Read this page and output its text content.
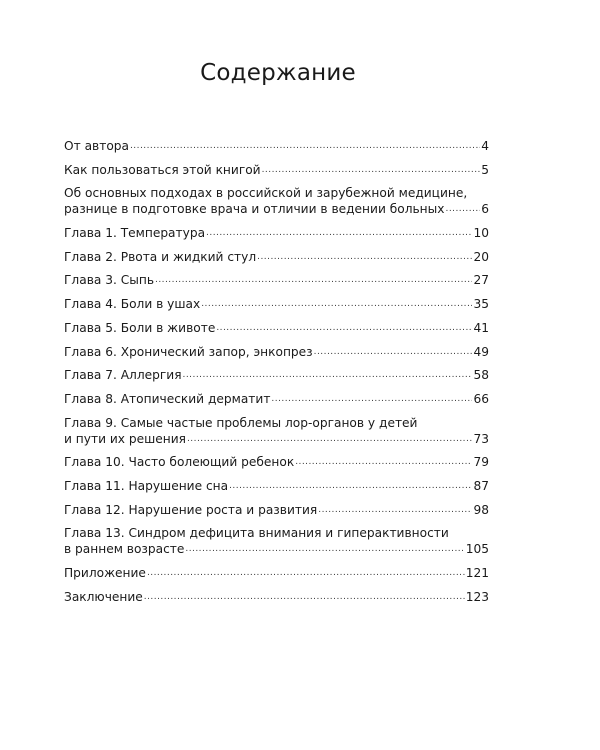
Содержание
От автора . . .	4
Как пользоваться этой книгой . . .	5
Об основных подходах в российской и зарубежной медицине,
разнице в подготовке врача и отличии в ведении больных . . .	6
Глава 1. Температура . . .	10
Глава 2. Рвота и жидкий стул . . .	20
Глава 3. Сыпь . . .	27
Глава 4. Боли в ушах . . .	35
Глава 5. Боли в животе . . .	41
Глава 6. Хронический запор, энкопрез . . .	49
Глава 7. Аллергия . . .	58
Глава 8. Атопический дерматит . . .	66
Глава 9. Самые частые проблемы лор-органов у детей
и пути их решения . . .	73
Глава 10. Часто болеющий ребенок . . .	79
Глава 11. Нарушение сна . . .	87
Глава 12. Нарушение роста и развития . . .	98
Глава 13. Синдром дефицита внимания и гиперактивности
в раннем возрасте . . .	105
Приложение . . .	121
Заключение . . .	123
